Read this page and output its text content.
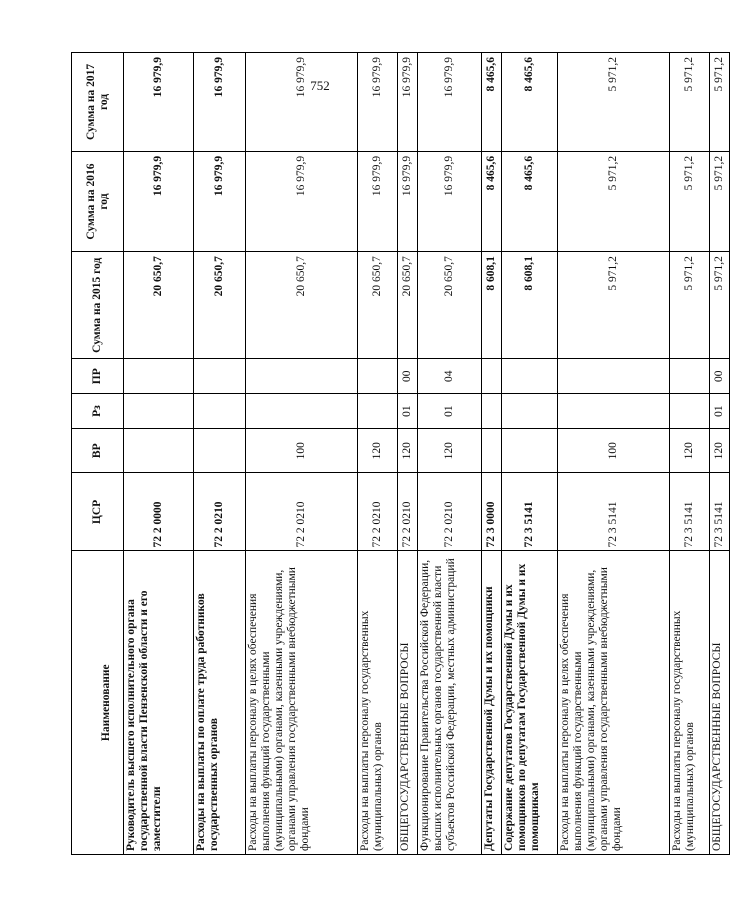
752
Наименование	ЦСР	ВР	Рз	ПР	Сумма на 2015 год	Сумма на 2016 год	Сумма на 2017 год
Руководитель высшего исполнительного органа государственной власти Пензенской области и его заместители	72 2 0000				20 650,7	16 979,9	16 979,9
Расходы на выплаты по оплате труда работников государственных органов	72 2 0210				20 650,7	16 979,9	16 979,9
Расходы на выплаты персоналу в целях обеспечения выполнения функций государственными (муниципальными) органами, казенными учреждениями, органами управления государственными внебюджетными фондами	72 2 0210	100			20 650,7	16 979,9	16 979,9
Расходы на выплаты персоналу государственных (муниципальных) органов	72 2 0210	120			20 650,7	16 979,9	16 979,9
ОБЩЕГОСУДАРСТВЕННЫЕ ВОПРОСЫ	72 2 0210	120	01	00	20 650,7	16 979,9	16 979,9
Функционирование Правительства Российской Федерации, высших исполнительных органов государственной власти субъектов Российской Федерации, местных администраций	72 2 0210	120	01	04	20 650,7	16 979,9	16 979,9
Депутаты Государственной Думы и их помощники	72 3 0000				8 608,1	8 465,6	8 465,6
Содержание депутатов Государственной Думы и их помощников по депутатам Государственной Думы и их помощникам	72 3 5141				8 608,1	8 465,6	8 465,6
Расходы на выплаты персоналу в целях обеспечения выполнения функций государственными (муниципальными) органами, казенными учреждениями, органами управления государственными внебюджетными фондами	72 3 5141	100			5 971,2	5 971,2	5 971,2
Расходы на выплаты персоналу государственных (муниципальных) органов	72 3 5141	120			5 971,2	5 971,2	5 971,2
ОБЩЕГОСУДАРСТВЕННЫЕ ВОПРОСЫ	72 3 5141	120	01	00	5 971,2	5 971,2	5 971,2
